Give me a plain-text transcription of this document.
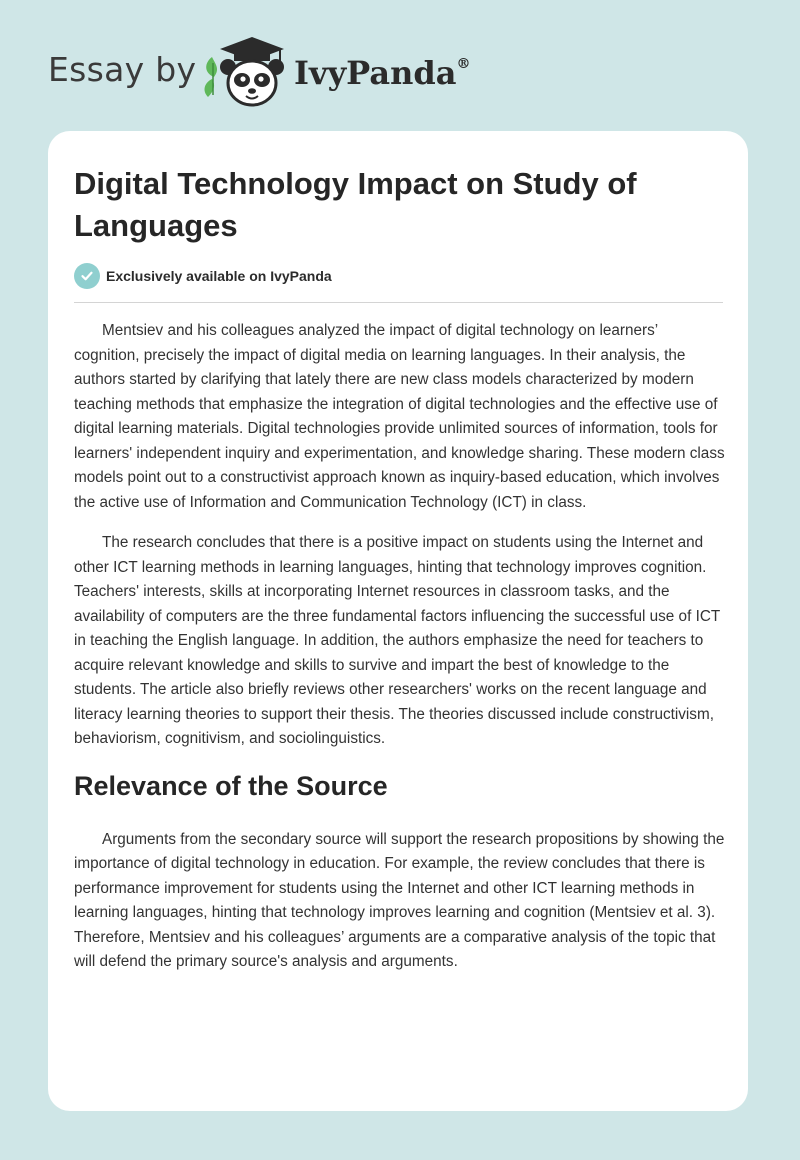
Essay by	IvyPanda®
Digital Technology Impact on Study of Languages
Exclusively available on IvyPanda

Mentsiev and his colleagues analyzed the impact of digital technology on learners’ cognition, precisely the impact of digital media on learning languages. In their analysis, the authors started by clarifying that lately there are new class models characterized by modern teaching methods that emphasize the integration of digital technologies and the effective use of digital learning materials. Digital technologies provide unlimited sources of information, tools for learners' independent inquiry and experimentation, and knowledge sharing. These modern class models point out to a constructivist approach known as inquiry-based education, which involves the active use of Information and Communication Technology (ICT) in class.

The research concludes that there is a positive impact on students using the Internet and other ICT learning methods in learning languages, hinting that technology improves cognition. Teachers' interests, skills at incorporating Internet resources in classroom tasks, and the availability of computers are the three fundamental factors influencing the successful use of ICT in teaching the English language. In addition, the authors emphasize the need for teachers to acquire relevant knowledge and skills to survive and impart the best of knowledge to the students. The article also briefly reviews other researchers' works on the recent language and literacy learning theories to support their thesis. The theories discussed include constructivism, behaviorism, cognitivism, and sociolinguistics.

Relevance of the Source

Arguments from the secondary source will support the research propositions by showing the importance of digital technology in education. For example, the review concludes that there is performance improvement for students using the Internet and other ICT learning methods in learning languages, hinting that technology improves learning and cognition (Mentsiev et al. 3). Therefore, Mentsiev and his colleagues’ arguments are a comparative analysis of the topic that will defend the primary source's analysis and arguments.
